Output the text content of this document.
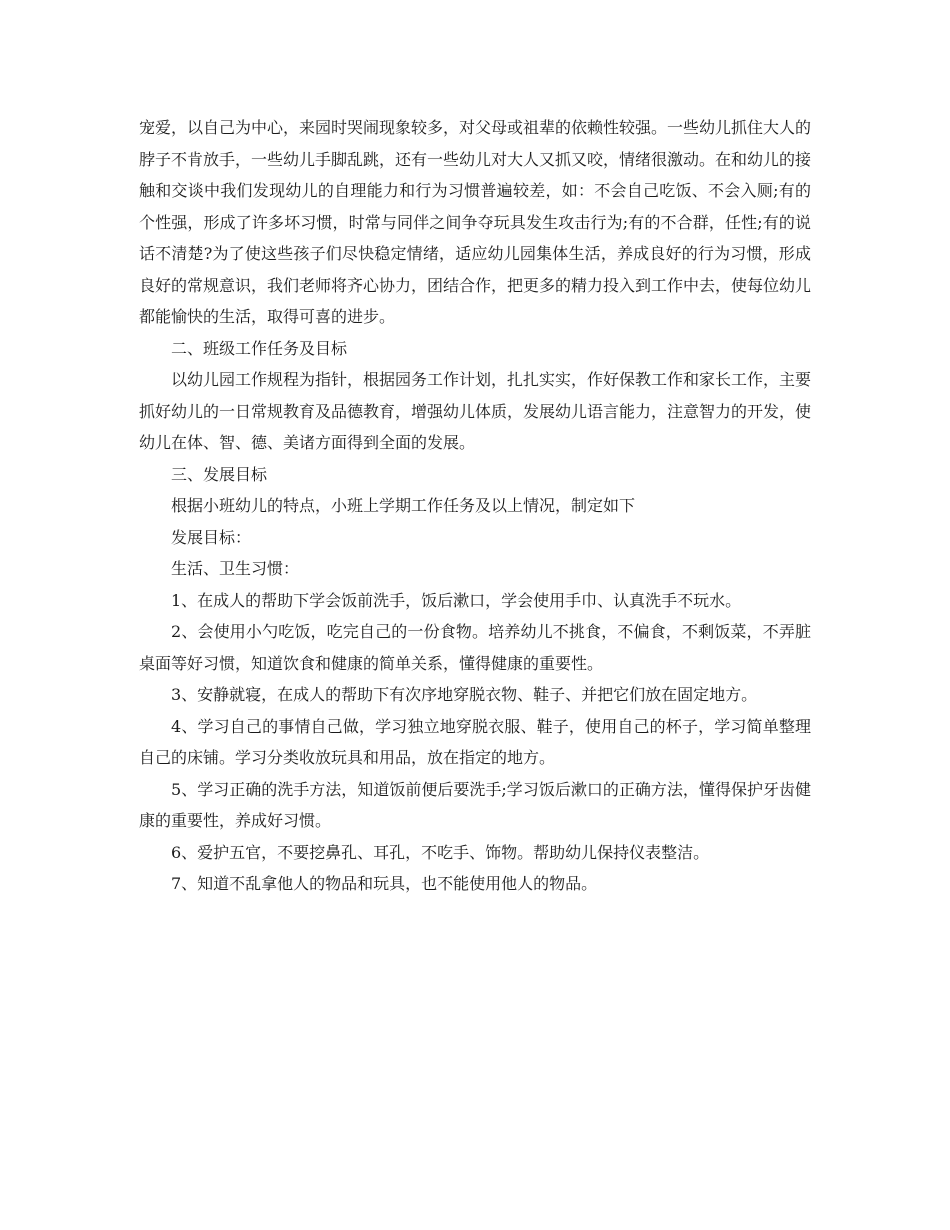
宠爱，以自己为中心，来园时哭闹现象较多，对父母或祖辈的依赖性较强。一些幼儿抓住大人的脖子不肯放手，一些幼儿手脚乱跳，还有一些幼儿对大人又抓又咬，情绪很激动。在和幼儿的接触和交谈中我们发现幼儿的自理能力和行为习惯普遍较差，如：不会自己吃饭、不会入厕;有的个性强，形成了许多坏习惯，时常与同伴之间争夺玩具发生攻击行为;有的不合群，任性;有的说话不清楚?为了使这些孩子们尽快稳定情绪，适应幼儿园集体生活，养成良好的行为习惯，形成良好的常规意识，我们老师将齐心协力，团结合作，把更多的精力投入到工作中去，使每位幼儿都能愉快的生活，取得可喜的进步。

二、班级工作任务及目标

以幼儿园工作规程为指针，根据园务工作计划，扎扎实实，作好保教工作和家长工作，主要抓好幼儿的一日常规教育及品德教育，增强幼儿体质，发展幼儿语言能力，注意智力的开发，使幼儿在体、智、德、美诸方面得到全面的发展。

三、发展目标

根据小班幼儿的特点，小班上学期工作任务及以上情况，制定如下

发展目标：

生活、卫生习惯：

1、在成人的帮助下学会饭前洗手，饭后漱口，学会使用手巾、认真洗手不玩水。

2、会使用小勺吃饭，吃完自己的一份食物。培养幼儿不挑食，不偏食，不剩饭菜，不弄脏桌面等好习惯，知道饮食和健康的简单关系，懂得健康的重要性。

3、安静就寝，在成人的帮助下有次序地穿脱衣物、鞋子、并把它们放在固定地方。

4、学习自己的事情自己做，学习独立地穿脱衣服、鞋子，使用自己的杯子，学习简单整理自己的床铺。学习分类收放玩具和用品，放在指定的地方。

5、学习正确的洗手方法，知道饭前便后要洗手;学习饭后漱口的正确方法，懂得保护牙齿健康的重要性，养成好习惯。

6、爱护五官，不要挖鼻孔、耳孔，不吃手、饰物。帮助幼儿保持仪表整洁。

7、知道不乱拿他人的物品和玩具，也不能使用他人的物品。
